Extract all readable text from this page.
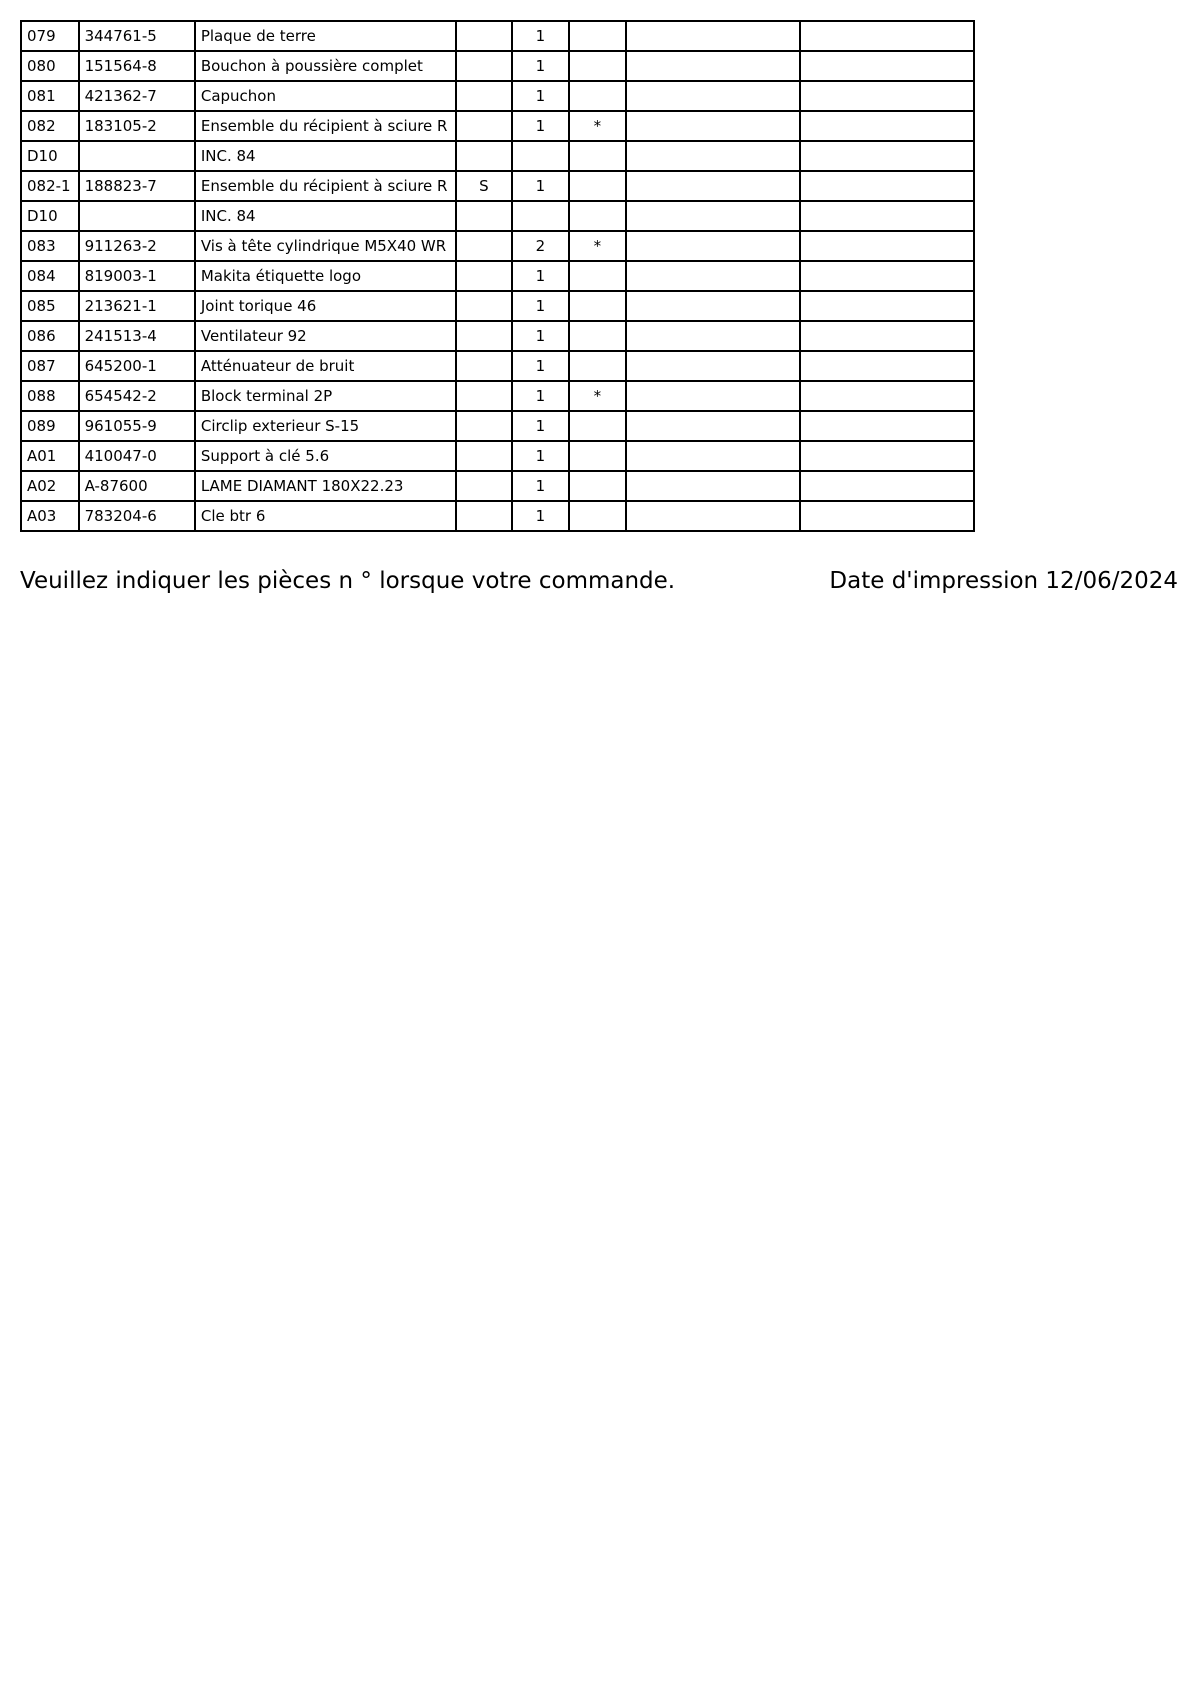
079	344761-5	Plaque de terre		1			
080	151564-8	Bouchon à poussière complet		1			
081	421362-7	Capuchon		1			
082	183105-2	Ensemble du récipient à sciure R		1	*		
D10		INC. 84					
082-1	188823-7	Ensemble du récipient à sciure R	S	1			
D10		INC. 84					
083	911263-2	Vis à tête cylindrique M5X40 WR		2	*		
084	819003-1	Makita étiquette logo		1			
085	213621-1	Joint torique 46		1			
086	241513-4	Ventilateur 92		1			
087	645200-1	Atténuateur de bruit		1			
088	654542-2	Block terminal 2P		1	*		
089	961055-9	Circlip exterieur S-15		1			
A01	410047-0	Support à clé 5.6		1			
A02	A-87600	LAME DIAMANT 180X22.23		1			
A03	783204-6	Cle btr 6		1			
Veuillez indiquer les pièces n ° lorsque votre commande.	Date d'impression 12/06/2024
